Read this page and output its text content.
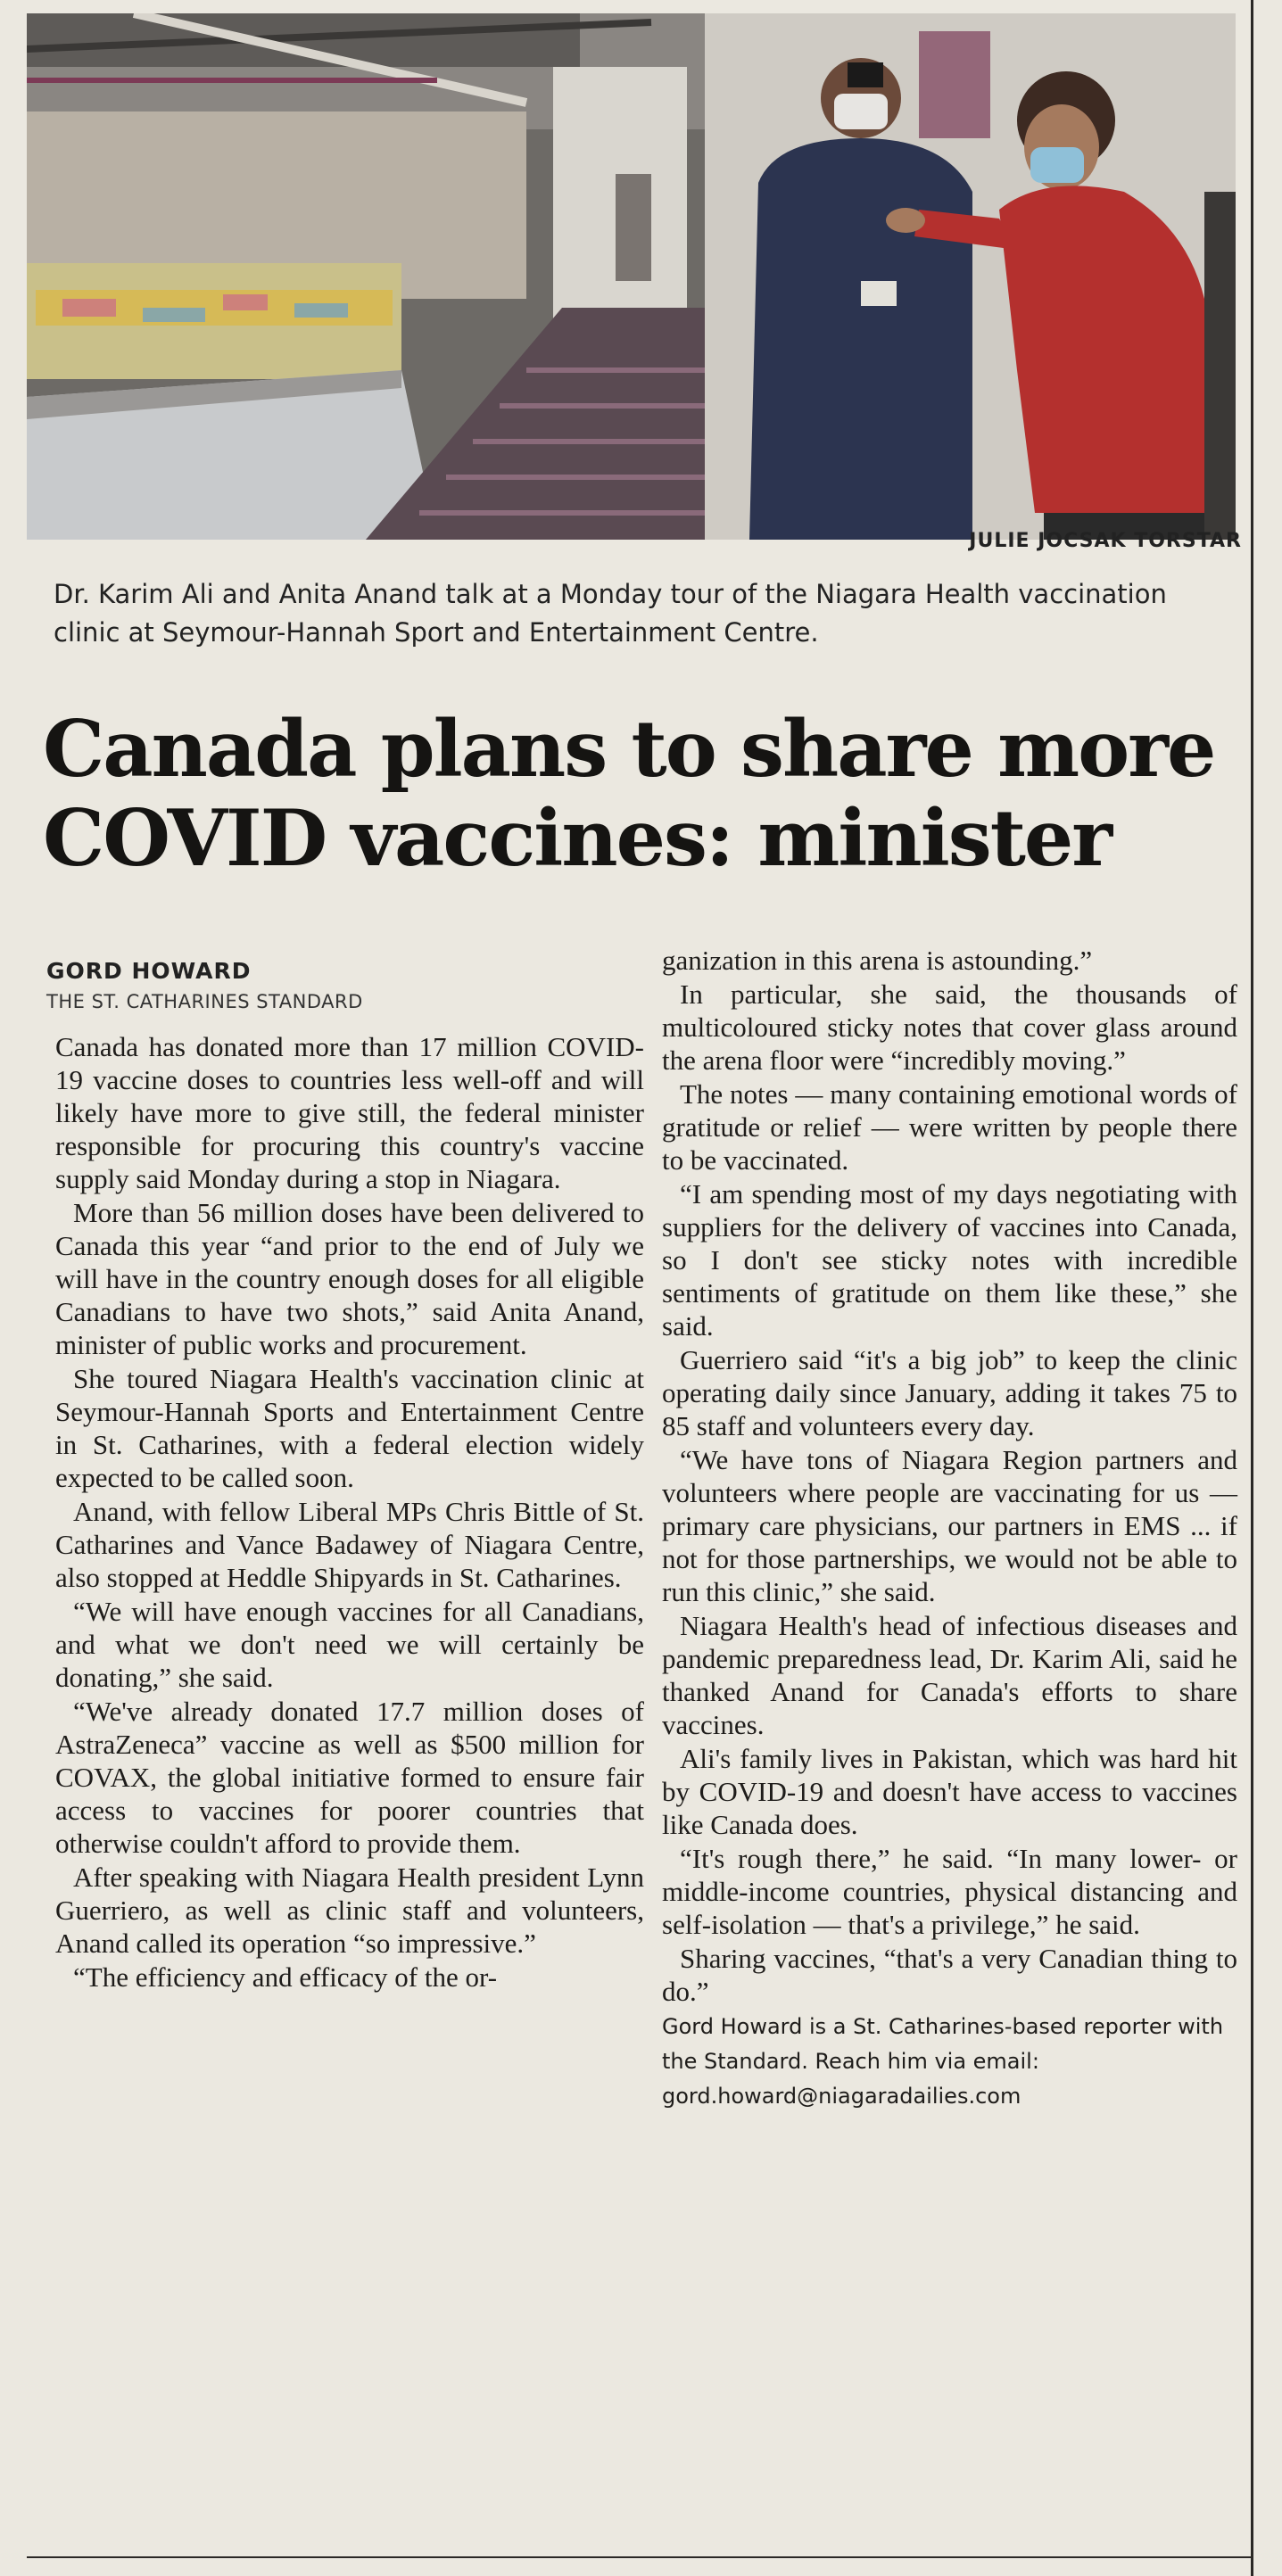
JULIE JOCSAK TORSTAR
Dr. Karim Ali and Anita Anand talk at a Monday tour of the Niagara Health vaccination clinic at Seymour-Hannah Sport and Entertainment Centre.
Canada plans to share more COVID vaccines: minister
GORD HOWARD
THE ST. CATHARINES STANDARD

Canada has donated more than 17 million COVID-19 vaccine doses to countries less well-off and will likely have more to give still, the federal minister responsible for procuring this country's vaccine supply said Monday during a stop in Niagara.

More than 56 million doses have been delivered to Canada this year “and prior to the end of July we will have in the country enough doses for all eligible Canadians to have two shots,” said Anita Anand, minister of public works and procurement.

She toured Niagara Health's vaccination clinic at Seymour-Hannah Sports and Entertainment Centre in St. Catharines, with a federal election widely expected to be called soon.

Anand, with fellow Liberal MPs Chris Bittle of St. Catharines and Vance Badawey of Niagara Centre, also stopped at Heddle Shipyards in St. Catharines.

“We will have enough vaccines for all Canadians, and what we don't need we will certainly be donating,” she said.

“We've already donated 17.7 million doses of AstraZeneca” vaccine as well as $500 million for COVAX, the global initiative formed to ensure fair access to vaccines for poorer countries that otherwise couldn't afford to provide them.

After speaking with Niagara Health president Lynn Guerriero, as well as clinic staff and volunteers, Anand called its operation “so impressive.”

“The efficiency and efficacy of the or-

ganization in this arena is astounding.”

In particular, she said, the thousands of multicoloured sticky notes that cover glass around the arena floor were “incredibly moving.”

The notes — many containing emotional words of gratitude or relief — were written by people there to be vaccinated.

“I am spending most of my days negotiating with suppliers for the delivery of vaccines into Canada, so I don't see sticky notes with incredible sentiments of gratitude on them like these,” she said.

Guerriero said “it's a big job” to keep the clinic operating daily since January, adding it takes 75 to 85 staff and volunteers every day.

“We have tons of Niagara Region partners and volunteers where people are vaccinating for us — primary care physicians, our partners in EMS ... if not for those partnerships, we would not be able to run this clinic,” she said.

Niagara Health's head of infectious diseases and pandemic preparedness lead, Dr. Karim Ali, said he thanked Anand for Canada's efforts to share vaccines.

Ali's family lives in Pakistan, which was hard hit by COVID-19 and doesn't have access to vaccines like Canada does.

“It's rough there,” he said. “In many lower- or middle-income countries, physical distancing and self-isolation — that's a privilege,” he said.

Sharing vaccines, “that's a very Canadian thing to do.”

Gord Howard is a St. Catharines-based reporter with the Standard. Reach him via email: gord.howard@niagaradailies.com
